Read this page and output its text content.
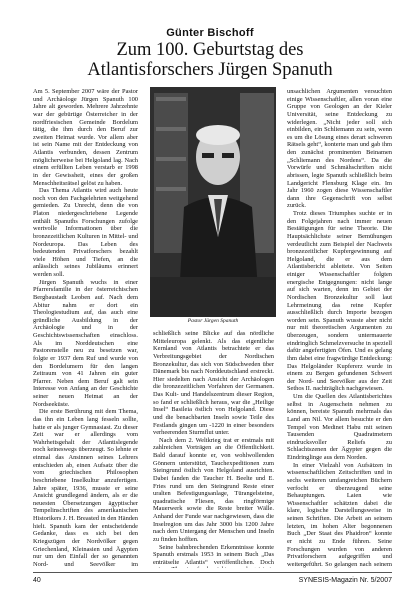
Günter Bischoff
Zum 100. Geburtstag des
Atlantisforschers Jürgen Spanuth

Am 5. September 2007 wäre der Pastor und Archäologe Jürgen Spanuth 100 Jahre alt geworden. Mehrere Jahrzehnte war der gebürtige Österreicher in der nordfriesischen Gemeinde Bordelum tätig, die ihm durch den Beruf zur zweiten Heimat wurde. Vor allem aber ist sein Name mit der Entdeckung von Atlantis verbunden, dessen Zentrum möglicherweise bei Helgoland lag. Nach einem erfüllten Leben verstarb er 1998 in der Gewissheit, eines der großen Menschheitsrätsel gelöst zu haben.

Das Thema Atlantis wird auch heute noch von den Fachgelehrten weitgehend gemieden. Zu Unrecht, denn die von Platon niedergeschriebene Legende enthält Spanuths Forschungen zufolge wertvolle Informationen über die bronzezeitlichen Kulturen in Mittel- und Nordeuropa. Das Leben des bedeutenden Privatforschers bezahlt viele Höhen und Tiefen, an die anlässlich seines Jubiläums erinnert werden soll.

Jürgen Spanuth wuchs in einer Pfarrersfamilie in der österreichischen Bergbaustadt Leoben auf. Nach dem Abitur nahm er dort ein Theologiestudium auf, das auch eine gründliche Ausbildung in der Archäologie und in der Geschichtswissenschaften einschloss. Als im Norddeutschen eine Pastorenstelle neu zu besetzen war, folgte er 1937 dem Ruf und wurde von den Bordelumern für den langen Zeitraum von 41 Jahren ein guter Pfarrer. Neben dem Beruf galt sein Interesse von Anfang an der Geschichte seiner neuen Heimat an der Nordseeküste.

Die erste Berührung mit dem Thema, das ihn ein Leben lang fesseln sollte, hatte er als junger Gymnasiast. Zu dieser Zeit war er allerdings vom Wahrheitsgehalt der Atlantislegende noch keineswegs überzeugt. So lehnte er einmal das Ansinnen seines Lehrers entschieden ab, einen Aufsatz über die vom griechischen Philosophen beschriebene Inselkultur anzufertigen. Jahre später, 1936, musste er seine Ansicht grundlegend ändern, als er die neuesten Übersetzungen ägyptischer Tempelinschriften des amerikanischen Historikers J. H. Breasted in den Händen hielt. Spanuth kam der entscheidende Gedanke, dass es sich bei den Kriegszügen der Nordvölker gegen Griechenland, Kleinasien und Ägypten nur um den Einfall der so genannten Nord- und Seevölker im

Pastor Jürgen Spanuth

schließlich seine Blicke auf das nördliche Mitteleuropa gelenkt. Als das eigentliche Kernland von Atlantis betrachtete er das Verbreitungsgebiet der Nordischen Bronzekultur, das sich von Südschweden über Dänemark bis nach Norddeutschland erstreckt. Hier siedelten nach Ansicht der Archäologen die bronzezeitlichen Vorfahren der Germanen. Das Kult- und Handelszentrum dieser Region, so fand er schließlich heraus, war die „Heilige Insel“ Basileia östlich von Helgoland. Diese und die benachbarten Inseln sowie Teile des Festlands gingen um -1220 in einer besonders verheerenden Sturmflut unter.

Nach dem 2. Weltkrieg trat er erstmals mit zahlreichen Vorträgen an die Öffentlichkeit. Bald darauf konnte er, von wohlwollenden Gönnern unterstützt, Tauchexpeditionen zum Steingrund östlich von Helgoland ausrichten. Dabei fanden die Taucher H. Beelte und E. Fries rund um den Steingrund Reste einer uralten Befestigungsanlage, Türangelsteine, quadratische Fliesen, das ringförmige Mauerwerk sowie die Reste breiter Wälle. Anhand der Funde war nachgewiesen, dass die Inselregion um das Jahr 3000 bis 1200 Jahre nach dem Untergang der Menschen und Inseln zu finden hofften.

Seine bahnbrechenden Erkenntnisse konnte Spanuth erstmals 1953 in seinem Buch „Das enträtselte Atlantis“ veröffentlichen. Doch

unsachlichen Argumenten versuchten einige Wissenschaftler, allen voran eine Gruppe von Geologen an der Kieler Universität, seine Entdeckung zu widerlegen. „Nicht jeder soll sich einbilden, ein Schliemann zu sein, wenn es um die Lösung eines derart schweren Rätsels geht“, konterte man und gab ihm den zunächst prominenten Beinamen „Schliemann des Nordens“. Da die Vorwürfe und Schmähschriften nicht abrissen, legte Spanuth schließlich beim Landgericht Flensburg Klage ein. Im Jahr 1960 zogen diese Wissenschaftler dann ihre Gegenschrift von selbst zurück.

Trotz dieses Triumphes suchte er in den Folgejahren nach immer neuen Bestätigungen für seine Theorie. Die Hauptsächlichste seiner Bemühungen verdeutlicht zum Beispiel der Nachweis bronzezeitlicher Kupfergewinnung auf Helgoland, die er aus dem Atlantisbericht ableitete. Von Seiten einiger Wissenschaftler folgten energische Entgegnungen: nicht lange auf sich warten, denn im Gebiet der Nordischen Bronzekultur soll laut Lehrmeinung das reine Kupfer ausschließlich durch Importe bezogen worden sein. Spanuth wusste aber nicht nur mit theoretischen Argumenten zu überzeugen, sondern untermauerte eindringlich Schmelzversuche in speziell dafür angefertigten Öfen. Und es gelang ihm dabei eine fragwürdige Entdeckung: Das Helgoländer Kupfererz wurde in einem zu Bergen gefundenen Schwert der Nord- und Seevölker aus der Zeit Sethos II. nachträglich nachgewiesen.

Um die Quellen des Atlantisberichtes selbst in Augenschein nehmen zu können, bereiste Spanuth mehrmals das Land am Nil. Vor allem besuchte er den Tempel von Medinet Habu mit seinen Tausenden Quadratmetern eindrucksvoller Reliefs zu Schlachtszenen der Ägypter gegen die Eindringlinge aus dem Norden.

In einer Vielzahl von Aufsätzen in wissenschaftlichen Zeitschriften und in sechs weiteren umfangreichen Büchern verfocht er überzeugend seine Behauptungen. Laien wie Wissenschaftler schätzten dabei die klare, logische Darstellungsweise in seinen Schriften. Die Arbeit an seinem letzten, im hohen Alter begonnenen Buch „Der Staat des Phaidron“ konnte er nicht zu Ende führen. Seine Forschungen wurden von anderen Privatforschern aufgegriffen und weitergeführt. So gelangen nach seinem

40	SYNESIS-Magazin Nr. 5/2007
